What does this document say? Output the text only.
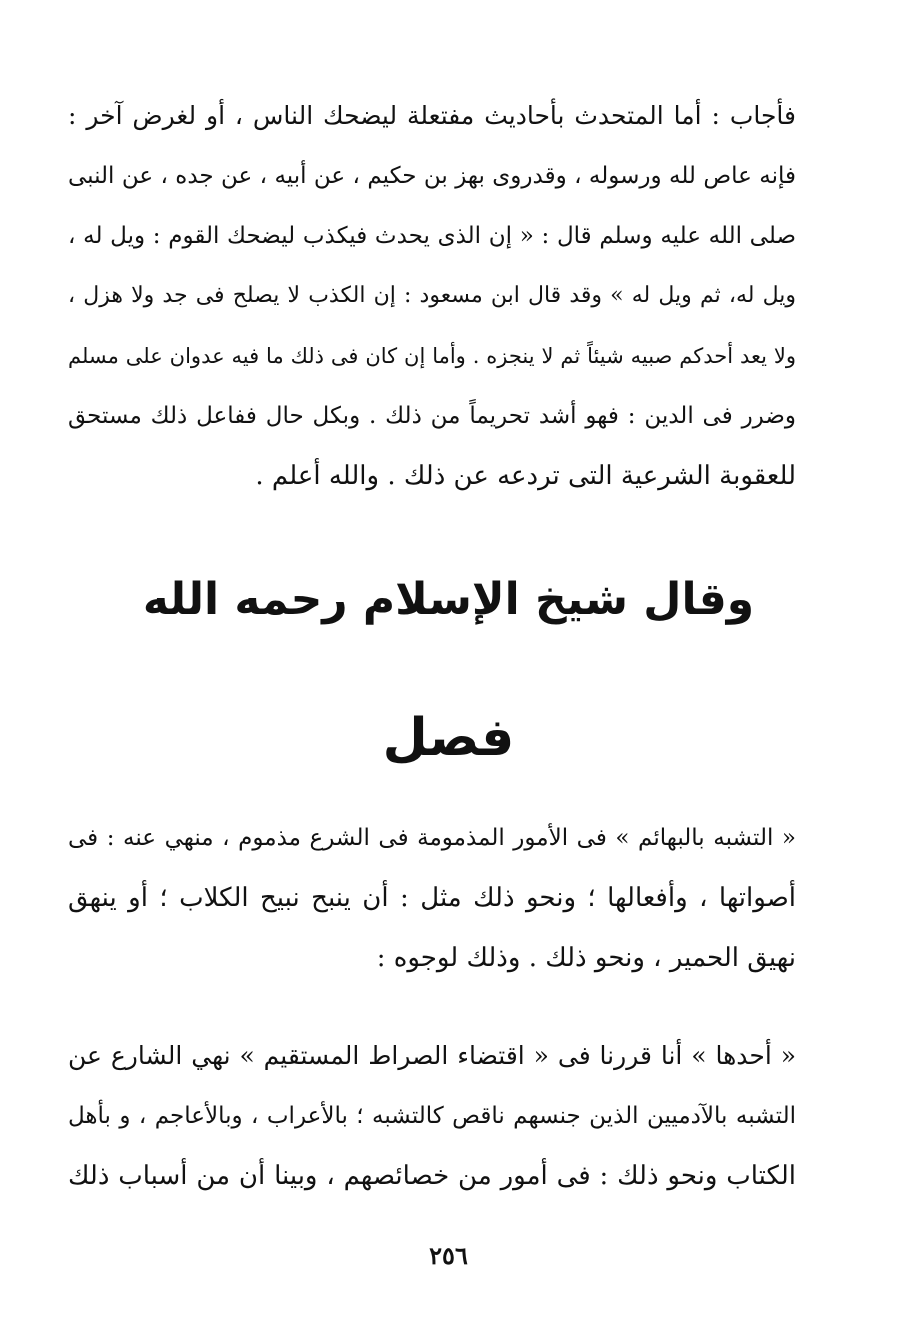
فأجاب : أما المتحدث بأحاديث مفتعلة ليضحك الناس ، أو لغرض آخر :
فإنه عاص لله ورسوله ، وقدروى بهز بن حكيم ، عن أبيه ، عن جده ، عن النبى
صلى الله عليه وسلم قال : « إن الذى يحدث فيكذب ليضحك القوم : ويل له ،
ويل له، ثم ويل له » وقد قال ابن مسعود : إن الكذب لا يصلح فى جد ولا هزل ،
ولا يعد أحدكم صبيه شيئاً ثم لا ينجزه . وأما إن كان فى ذلك ما فيه عدوان على مسلم
وضرر فى الدين : فهو أشد تحريماً من ذلك . وبكل حال ففاعل ذلك مستحق
للعقوبة الشرعية التى تردعه عن ذلك . والله أعلم .
وقال شيخ الإسلام رحمه الله
فصل
« التشبه بالبهائم » فى الأمور المذمومة فى الشرع مذموم ، منهي عنه : فى
أصواتها ، وأفعالها ؛ ونحو ذلك مثل : أن ينبح نبيح الكلاب ؛ أو ينهق
نهيق الحمير ، ونحو ذلك . وذلك لوجوه :
« أحدها » أنا قررنا فى « اقتضاء الصراط المستقيم » نهي الشارع عن
التشبه بالآدميين الذين جنسهم ناقص كالتشبه ؛ بالأعراب ، وبالأعاجم ، و بأهل
الكتاب ونحو ذلك : فى أمور من خصائصهم ، وبينا أن من أسباب ذلك
٢٥٦
